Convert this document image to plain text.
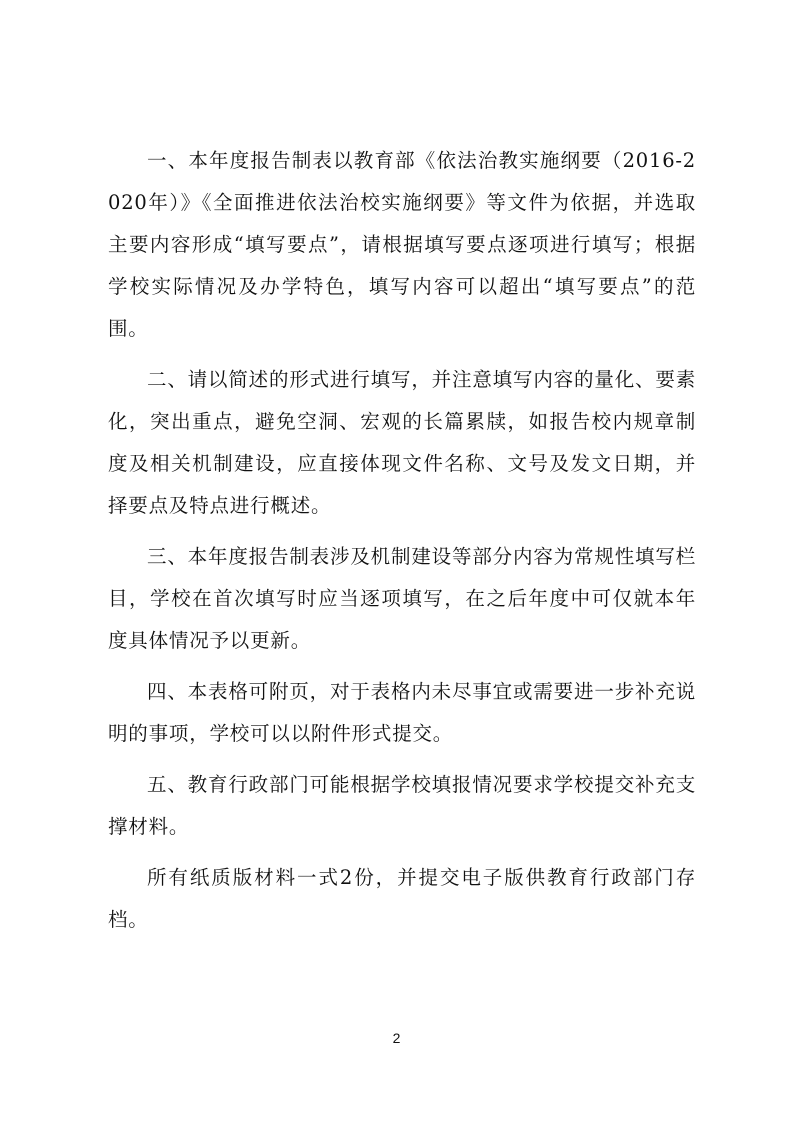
一、本年度报告制表以教育部《依法治教实施纲要（2016-2020年）》《全面推进依法治校实施纲要》等文件为依据，并选取主要内容形成“填写要点”，请根据填写要点逐项进行填写；根据学校实际情况及办学特色，填写内容可以超出“填写要点”的范围。

二、请以简述的形式进行填写，并注意填写内容的量化、要素化，突出重点，避免空洞、宏观的长篇累牍，如报告校内规章制度及相关机制建设，应直接体现文件名称、文号及发文日期，并择要点及特点进行概述。

三、本年度报告制表涉及机制建设等部分内容为常规性填写栏目，学校在首次填写时应当逐项填写，在之后年度中可仅就本年度具体情况予以更新。

四、本表格可附页，对于表格内未尽事宜或需要进一步补充说明的事项，学校可以以附件形式提交。

五、教育行政部门可能根据学校填报情况要求学校提交补充支撑材料。

所有纸质版材料一式2份，并提交电子版供教育行政部门存档。

2
